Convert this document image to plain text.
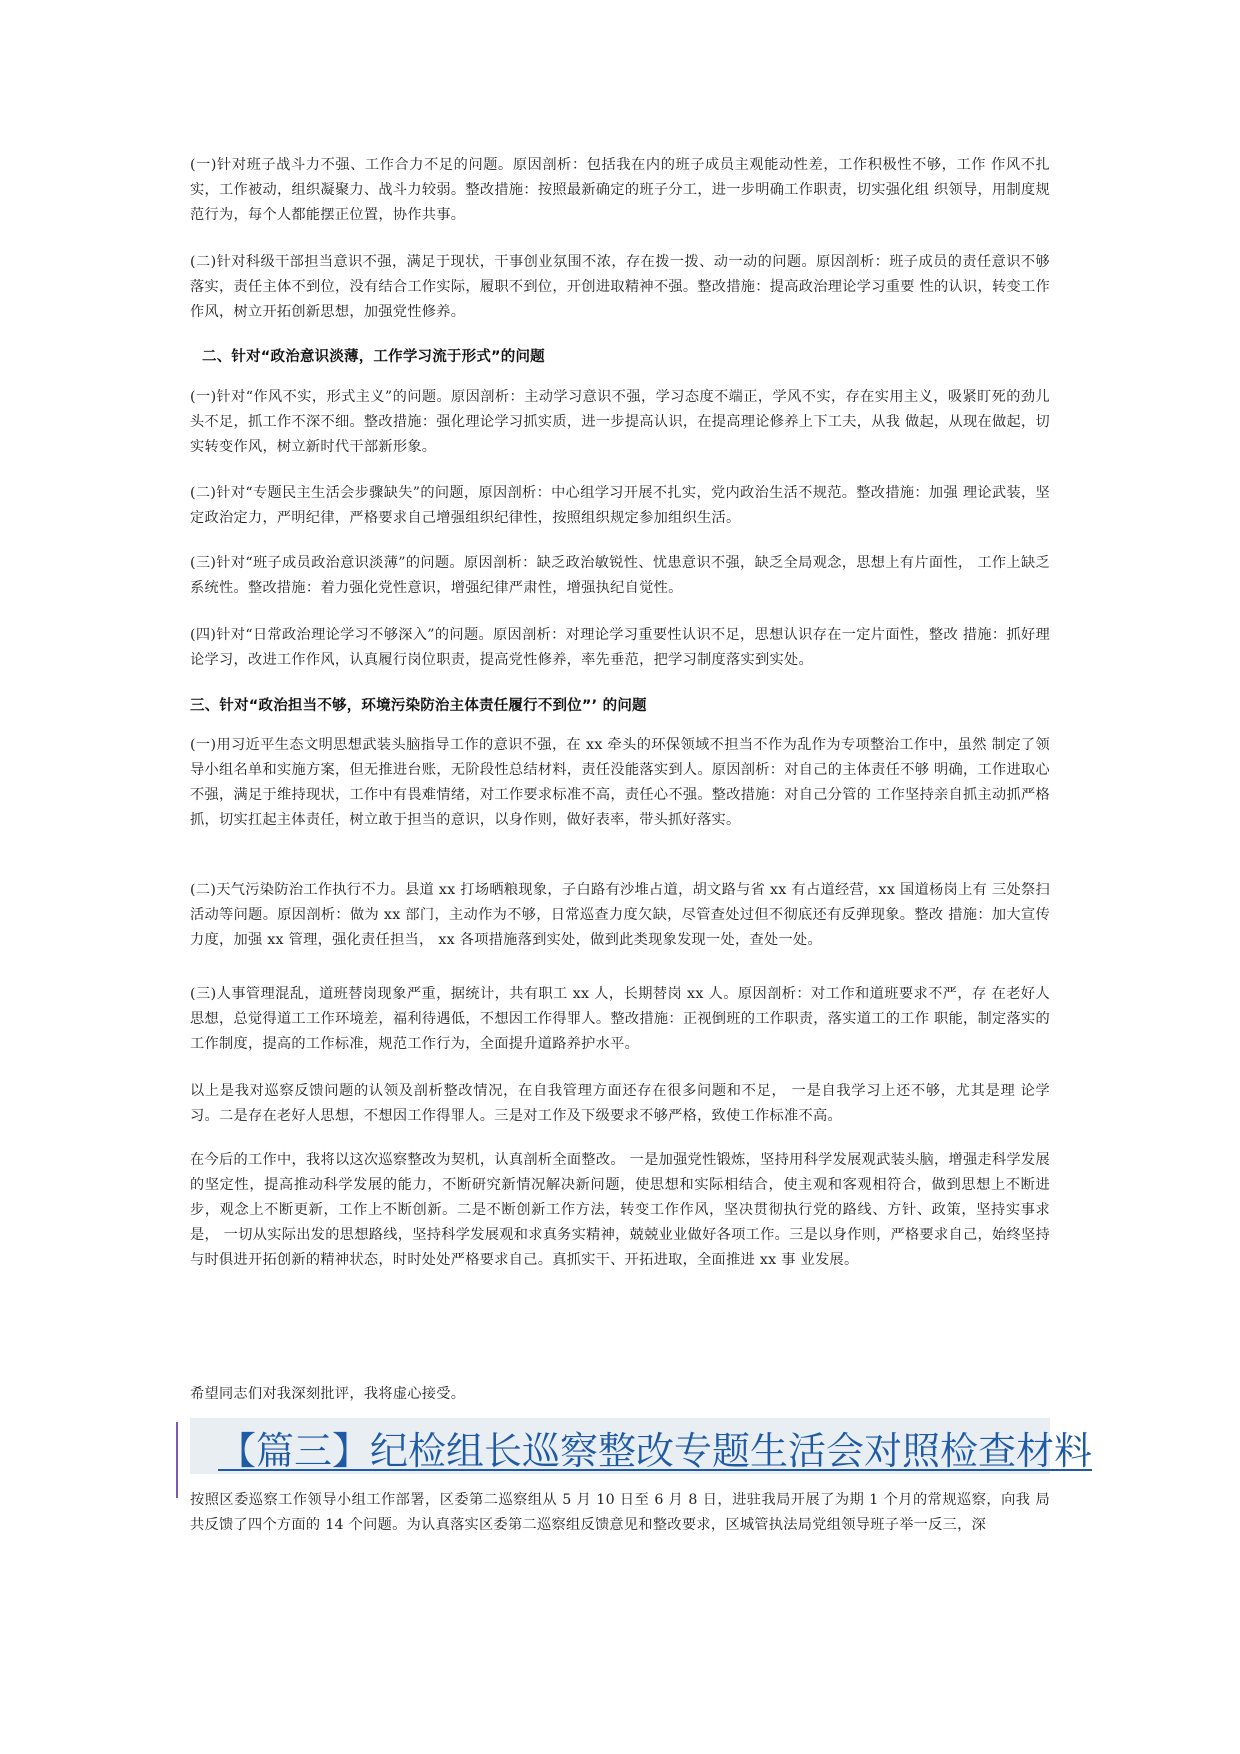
(一)针对班子战斗力不强、工作合力不足的问题。原因剖析：包括我在内的班子成员主观能动性差，工作积极性不够，工作 作风不扎实，工作被动，组织凝聚力、战斗力较弱。整改措施：按照最新确定的班子分工，进一步明确工作职责，切实强化组 织领导，用制度规范行为，每个人都能摆正位置，协作共事。

(二)针对科级干部担当意识不强，满足于现状，干事创业氛围不浓，存在拨一拨、动一动的问题。原因剖析：班子成员的责任意识不够落实，责任主体不到位，没有结合工作实际，履职不到位，开创进取精神不强。整改措施：提高政治理论学习重要 性的认识，转变工作作风，树立开拓创新思想，加强党性修养。

二、针对“政治意识淡薄，工作学习流于形式”的问题

(一)针对“作风不实，形式主义”的问题。原因剖析：主动学习意识不强，学习态度不端正，学风不实，存在实用主义，吸紧盯死的劲儿头不足，抓工作不深不细。整改措施：强化理论学习抓实质，进一步提高认识，在提高理论修养上下工夫，从我 做起，从现在做起，切实转变作风，树立新时代干部新形象。

(二)针对“专题民主生活会步骤缺失”的问题，原因剖析：中心组学习开展不扎实，党内政治生活不规范。整改措施：加强 理论武装，坚定政治定力，严明纪律，严格要求自己增强组织纪律性，按照组织规定参加组织生活。

(三)针对“班子成员政治意识淡薄”的问题。原因剖析：缺乏政治敏锐性、忧患意识不强，缺乏全局观念，思想上有片面性， 工作上缺乏系统性。整改措施：着力强化党性意识，增强纪律严肃性，增强执纪自觉性。

(四)针对“日常政治理论学习不够深入”的问题。原因剖析：对理论学习重要性认识不足，思想认识存在一定片面性，整改 措施：抓好理论学习，改进工作作风，认真履行岗位职责，提高党性修养，率先垂范，把学习制度落实到实处。

三、针对“政治担当不够，环境污染防治主体责任履行不到位”’ 的问题

(一)用习近平生态文明思想武装头脑指导工作的意识不强，在 xx 牵头的环保领域不担当不作为乱作为专项整治工作中，虽然 制定了领导小组名单和实施方案，但无推进台账，无阶段性总结材料，责任没能落实到人。原因剖析：对自己的主体责任不够 明确，工作进取心不强，满足于维持现状，工作中有畏难情绪，对工作要求标准不高，责任心不强。整改措施：对自己分管的 工作坚持亲自抓主动抓严格抓，切实扛起主体责任，树立敢于担当的意识，以身作则，做好表率，带头抓好落实。

(二)天气污染防治工作执行不力。县道 xx 打场晒粮现象，子白路有沙堆占道，胡文路与省 xx 有占道经营，xx 国道杨岗上有 三处祭扫活动等问题。原因剖析：做为 xx 部门，主动作为不够，日常巡查力度欠缺，尽管查处过但不彻底还有反弹现象。整改 措施：加大宣传力度，加强 xx 管理，强化责任担当， xx 各项措施落到实处，做到此类现象发现一处，查处一处。

(三)人事管理混乱，道班替岗现象严重，据统计，共有职工 xx 人，长期替岗 xx 人。原因剖析：对工作和道班要求不严，存 在老好人思想，总觉得道工工作环境差，福利待遇低，不想因工作得罪人。整改措施：正视倒班的工作职责，落实道工的工作 职能，制定落实的工作制度，提高的工作标准，规范工作行为，全面提升道路养护水平。

以上是我对巡察反馈问题的认领及剖析整改情况，在自我管理方面还存在很多问题和不足， 一是自我学习上还不够，尤其是理 论学习。二是存在老好人思想，不想因工作得罪人。三是对工作及下级要求不够严格，致使工作标准不高。

在今后的工作中，我将以这次巡察整改为契机，认真剖析全面整改。 一是加强党性锻炼，坚持用科学发展观武装头脑，增强走科学发展的坚定性，提高推动科学发展的能力，不断研究新情况解决新问题，使思想和实际相结合，使主观和客观相符合，做到思想上不断进步，观念上不断更新，工作上不断创新。二是不断创新工作方法，转变工作作风，坚决贯彻执行党的路线、方针、政策，坚持实事求是， 一切从实际出发的思想路线，坚持科学发展观和求真务实精神，兢兢业业做好各项工作。三是以身作则，严格要求自己，始终坚持与时俱进开拓创新的精神状态，时时处处严格要求自己。真抓实干、开拓进取，全面推进 xx 事 业发展。

希望同志们对我深刻批评，我将虚心接受。

按照区委巡察工作领导小组工作部署，区委第二巡察组从 5 月 10 日至 6 月 8 日，进驻我局开展了为期 1 个月的常规巡察，向我 局共反馈了四个方面的 14 个问题。为认真落实区委第二巡察组反馈意见和整改要求，区城管执法局党组领导班子举一反三，深

【篇三】纪检组长巡察整改专题生活会对照检查材料
